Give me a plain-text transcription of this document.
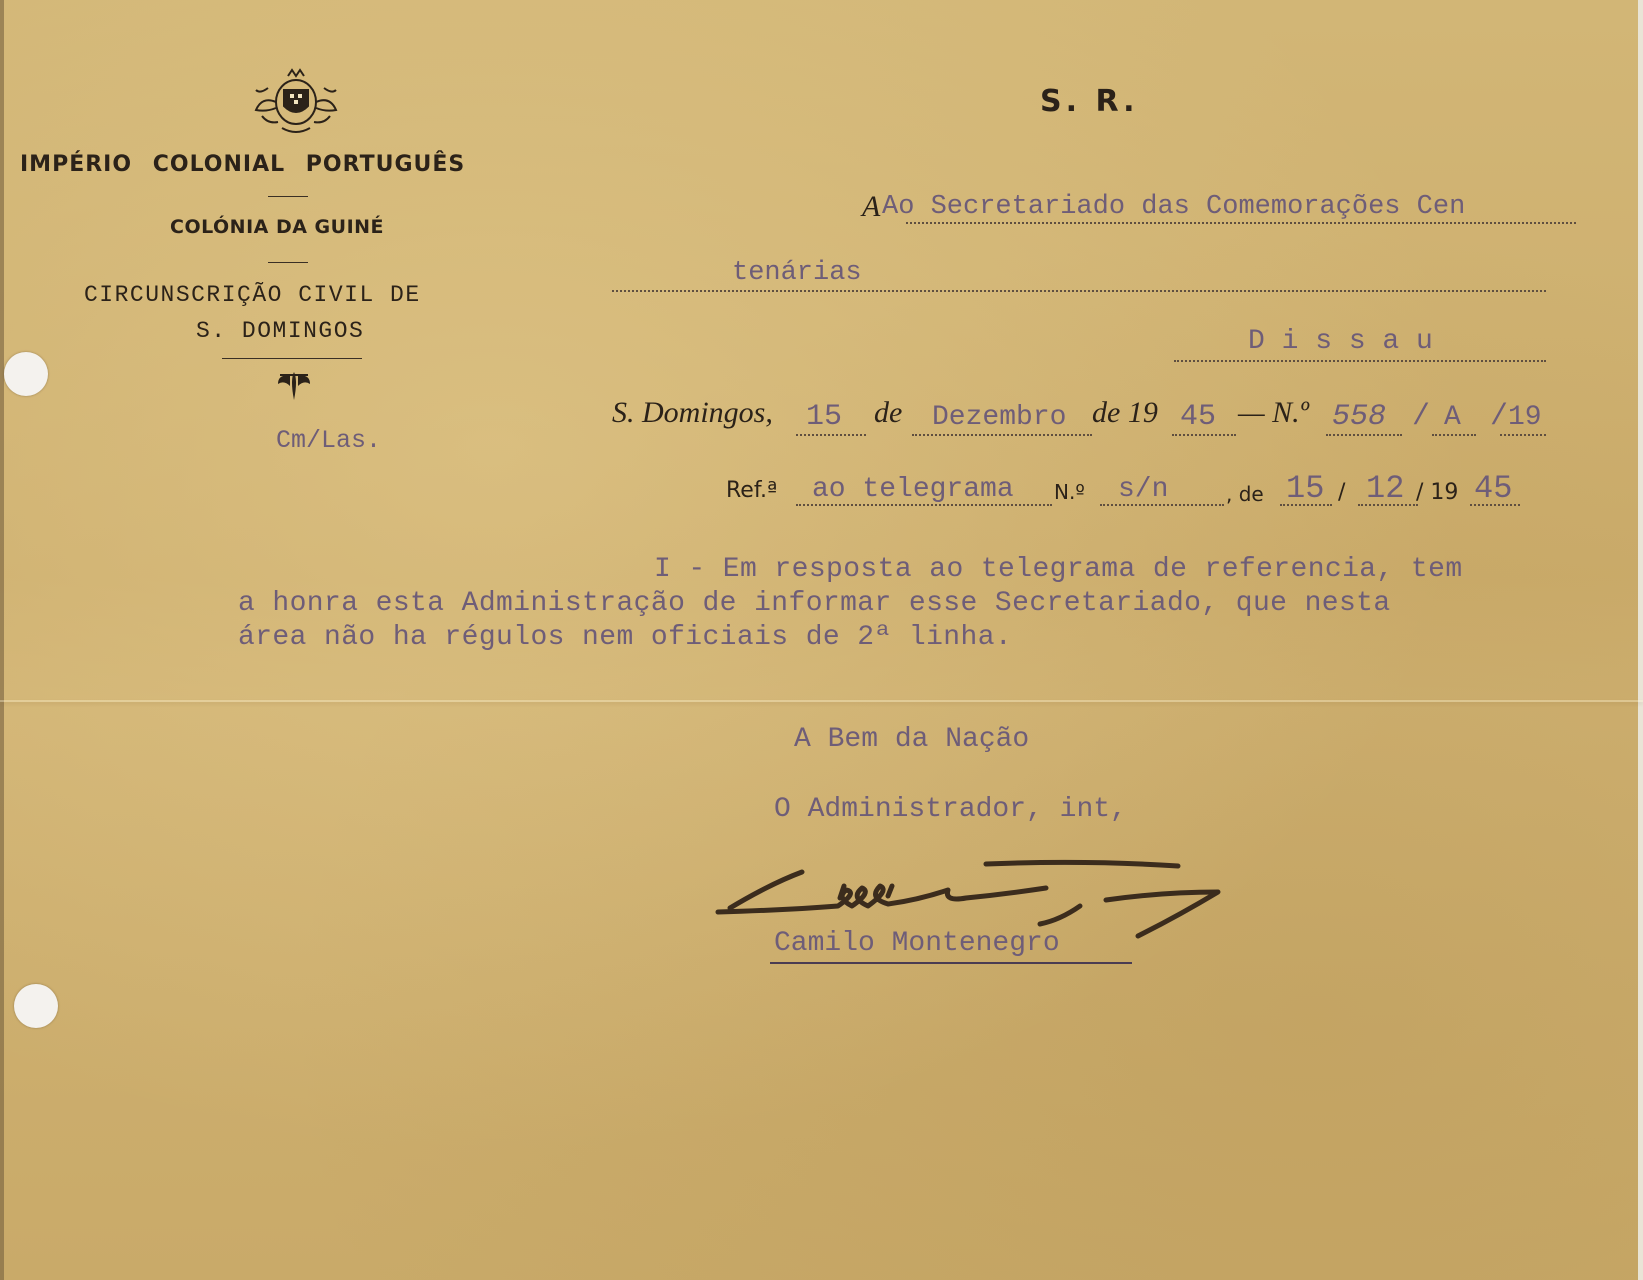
IMPÉRIO COLONIAL PORTUGUÊS
COLÓNIA DA GUINÉ
CIRCUNSCRIÇÃO CIVIL DE
S. DOMINGOS
Cm/Las.
S. R.
A Ao Secretariado das Comemorações Cen
tenárias
D i s s a u
S. Domingos, 15 de Dezembro de 19 45 — N.º 558 / A / 19
Ref.ª ao telegrama N.º s/n	, de 15 / 12 / 19 45
I - Em resposta ao telegrama de referencia, tem
a honra esta Administração de informar esse Secretariado, que nesta
área não ha régulos nem oficiais de 2ª linha.
A Bem da Nação
O Administrador, int,
Camilo Montenegro
